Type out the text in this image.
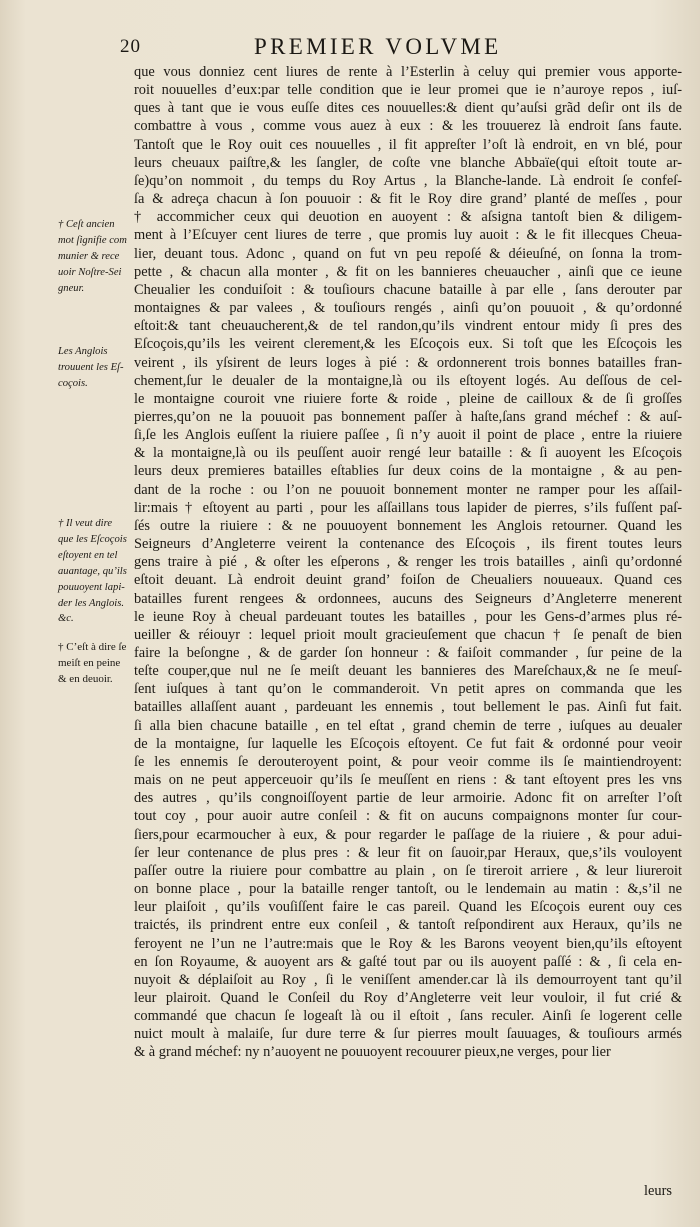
20	PREMIER VOLVME
que vous donniez cent liures de rente à l’Esterlin à celuy qui premier vous apporte-
roit nouuelles d’eux:par telle condition que ie leur promei que ie n’auroye repos , iuſ-
ques à tant que ie vous euſſe dites ces nouuelles:& dient qu’auſsi grãd deſir ont ils de
combattre à vous , comme vous auez à eux : & les trouuerez là endroit ſans faute.
Tantoſt que le Roy ouit ces nouuelles , il fit appreſter l’oſt là endroit, en vn blé, pour
leurs cheuaux paiſtre,& les ſangler, de coſte vne blanche Abbaïe(qui eſtoit toute ar-
ſe)qu’on nommoit , du temps du Roy Artus , la Blanche-lande. Là endroit ſe confeſ-
ſa & adreça chacun à ſon pouuoir : & fit le Roy dire grand’ planté de meſſes , pour
† accommicher ceux qui deuotion en auoyent : & aſsigna tantoſt bien & diligem-
ment à l’Eſcuyer cent liures de terre , que promis luy auoit : & le fit illecques Cheua-
lier, deuant tous. Adonc , quand on fut vn peu repoſé & déieuſné, on ſonna la trom-
pette , & chacun alla monter , & fit on les bannieres cheuaucher , ainſi que ce ieune
Cheualier les conduiſoit : & touſiours chacune bataille à par elle , ſans derouter par
montaignes & par valees , & touſiours rengés , ainſi qu’on pouuoit , & qu’ordonné
eſtoit:& tant cheuaucherent,& de tel randon,qu’ils vindrent entour midy ſi pres des
Eſcoçois,qu’ils les veirent clerement,& les Eſcoçois eux. Si toſt que les Eſcoçois les
veirent , ils yſsirent de leurs loges à pié : & ordonnerent trois bonnes batailles fran-
chement,ſur le deualer de la montaigne,là ou ils eſtoyent logés. Au deſſous de cel-
le montaigne couroit vne riuiere forte & roide , pleine de cailloux & de ſi groſſes
pierres,qu’on ne la pouuoit pas bonnement paſſer à haſte,ſans grand méchef : & auſ-
ſi,ſe les Anglois euſſent la riuiere paſſee , ſi n’y auoit il point de place , entre la riuiere
& la montaigne,là ou ils peuſſent auoir rengé leur bataille : & ſi auoyent les Eſcoçois
leurs deux premieres batailles eſtablies ſur deux coins de la montaigne , & au pen-
dant de la roche : ou l’on ne pouuoit bonnement monter ne ramper pour les aſſail-
lir:mais † eſtoyent au parti , pour les aſſaillans tous lapider de pierres, s’ils fuſſent paſ-
ſés outre la riuiere : & ne pouuoyent bonnement les Anglois retourner. Quand les
Seigneurs d’Angleterre veirent la contenance des Eſcoçois , ils firent toutes leurs
gens traire à pié , & oſter les eſperons , & renger les trois batailles , ainſi qu’ordonné
eſtoit deuant. Là endroit deuint grand’ foiſon de Cheualiers nouueaux. Quand ces
batailles furent rengees & ordonnees, aucuns des Seigneurs d’Angleterre menerent
le ieune Roy à cheual pardeuant toutes les batailles , pour les Gens-d’armes plus ré-
ueiller & réiouyr : lequel prioit moult gracieuſement que chacun † ſe penaſt de bien
faire la beſongne , & de garder ſon honneur : & faiſoit commander , ſur peine de la
teſte couper,que nul ne ſe meiſt deuant les bannieres des Mareſchaux,& ne ſe meuſ-
ſent iuſques à tant qu’on le commanderoit. Vn petit apres on commanda que les
batailles allaſſent auant , pardeuant les ennemis , tout bellement le pas. Ainſi fut fait.
ſi alla bien chacune bataille , en tel eſtat , grand chemin de terre , iuſques au deualer
de la montaigne, ſur laquelle les Eſcoçois eſtoyent. Ce fut fait & ordonné pour veoir
ſe les ennemis ſe derouteroyent point, & pour veoir comme ils ſe maintiendroyent:
mais on ne peut apperceuoir qu’ils ſe meuſſent en riens : & tant eſtoyent pres les vns
des autres , qu’ils congnoiſſoyent partie de leur armoirie. Adonc fit on arreſter l’oſt
tout coy , pour auoir autre conſeil : & fit on aucuns compaignons monter ſur cour-
ſiers,pour ecarmoucher à eux, & pour regarder le paſſage de la riuiere , & pour adui-
ſer leur contenance de plus pres : & leur fit on ſauoir,par Heraux, que,s’ils vouloyent
paſſer outre la riuiere pour combattre au plain , on ſe tireroit arriere , & leur liureroit
on bonne place , pour la bataille renger tantoſt, ou le lendemain au matin : &,s’il ne
leur plaiſoit , qu’ils vouſiſſent faire le cas pareil. Quand les Eſcoçois eurent ouy ces
traictés, ils prindrent entre eux conſeil , & tantoſt reſpondirent aux Heraux, qu’ils ne
feroyent ne l’un ne l’autre:mais que le Roy & les Barons veoyent bien,qu’ils eſtoyent
en ſon Royaume, & auoyent ars & gaſté tout par ou ils auoyent paſſé : & , ſi cela en-
nuyoit & déplaiſoit au Roy , ſi le veniſſent amender.car là ils demourroyent tant qu’il
leur plairoit. Quand le Conſeil du Roy d’Angleterre veit leur vouloir, il fut crié &
commandé que chacun ſe logeaſt là ou il eſtoit , ſans reculer. Ainſi ſe logerent celle
nuict moult à malaiſe, ſur dure terre & ſur pierres moult ſauuages, & touſiours armés
& à grand méchef: ny n’auoyent ne pouuoyent recouurer pieux,ne verges, pour lier
† Ceſt ancien
mot ſignifie com
munier & rece
uoir Noſtre-Sei
gneur.
Les Anglois
trouuent les Eſ-
coçois.
† Il veut dire
que les Eſcoçois
eſtoyent en tel
auantage, qu’ils
pouuoyent lapi-
der les Anglois.
&c.
† C’eſt à dire ſe
meiſt en peine
& en deuoir.
leurs
